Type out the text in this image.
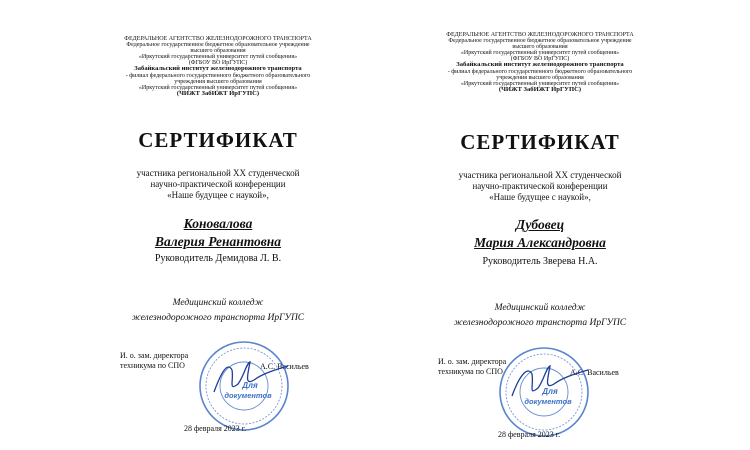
ФЕДЕРАЛЬНОЕ АГЕНТСТВО ЖЕЛЕЗНОДОРОЖНОГО ТРАНСПОРТА
Федеральное государственное бюджетное образовательное учреждение
высшего образования
«Иркутский государственный университет путей сообщения»
(ФГБОУ ВО ИрГУПС)
Забайкальский институт железнодорожного транспорта
- филиал федерального государственного бюджетного образовательного
учреждения высшего образования
«Иркутский государственный университет путей сообщения»
(ЧИЖТ ЗабИЖТ ИрГУПС)
СЕРТИФИКАТ
участника региональной XX студенческой
научно-практической конференции
«Наше будущее с наукой»,
Коновалова
Валерия Ренантовна
Руководитель Демидова Л. В.
Медицинский колледж
железнодорожного транспорта ИрГУПС
И. о. зам. директора
техникума по СПО	А.С. Васильев
Для
документов
28 февраля 2023 г.
ФЕДЕРАЛЬНОЕ АГЕНТСТВО ЖЕЛЕЗНОДОРОЖНОГО ТРАНСПОРТА
Федеральное государственное бюджетное образовательное учреждение
высшего образования
«Иркутский государственный университет путей сообщения»
(ФГБОУ ВО ИрГУПС)
Забайкальский институт железнодорожного транспорта
- филиал федерального государственного бюджетного образовательного
учреждения высшего образования
«Иркутский государственный университет путей сообщения»
(ЧИЖТ ЗабИЖТ ИрГУПС)
СЕРТИФИКАТ
участника региональной XX студенческой
научно-практической конференции
«Наше будущее с наукой»,
Дубовец
Мария Александровна
Руководитель Зверева Н.А.
Медицинский колледж
железнодорожного транспорта ИрГУПС
И. о. зам. директора
техникума по СПО	А.С. Васильев
Для
документов
28 февраля 2023 г.
